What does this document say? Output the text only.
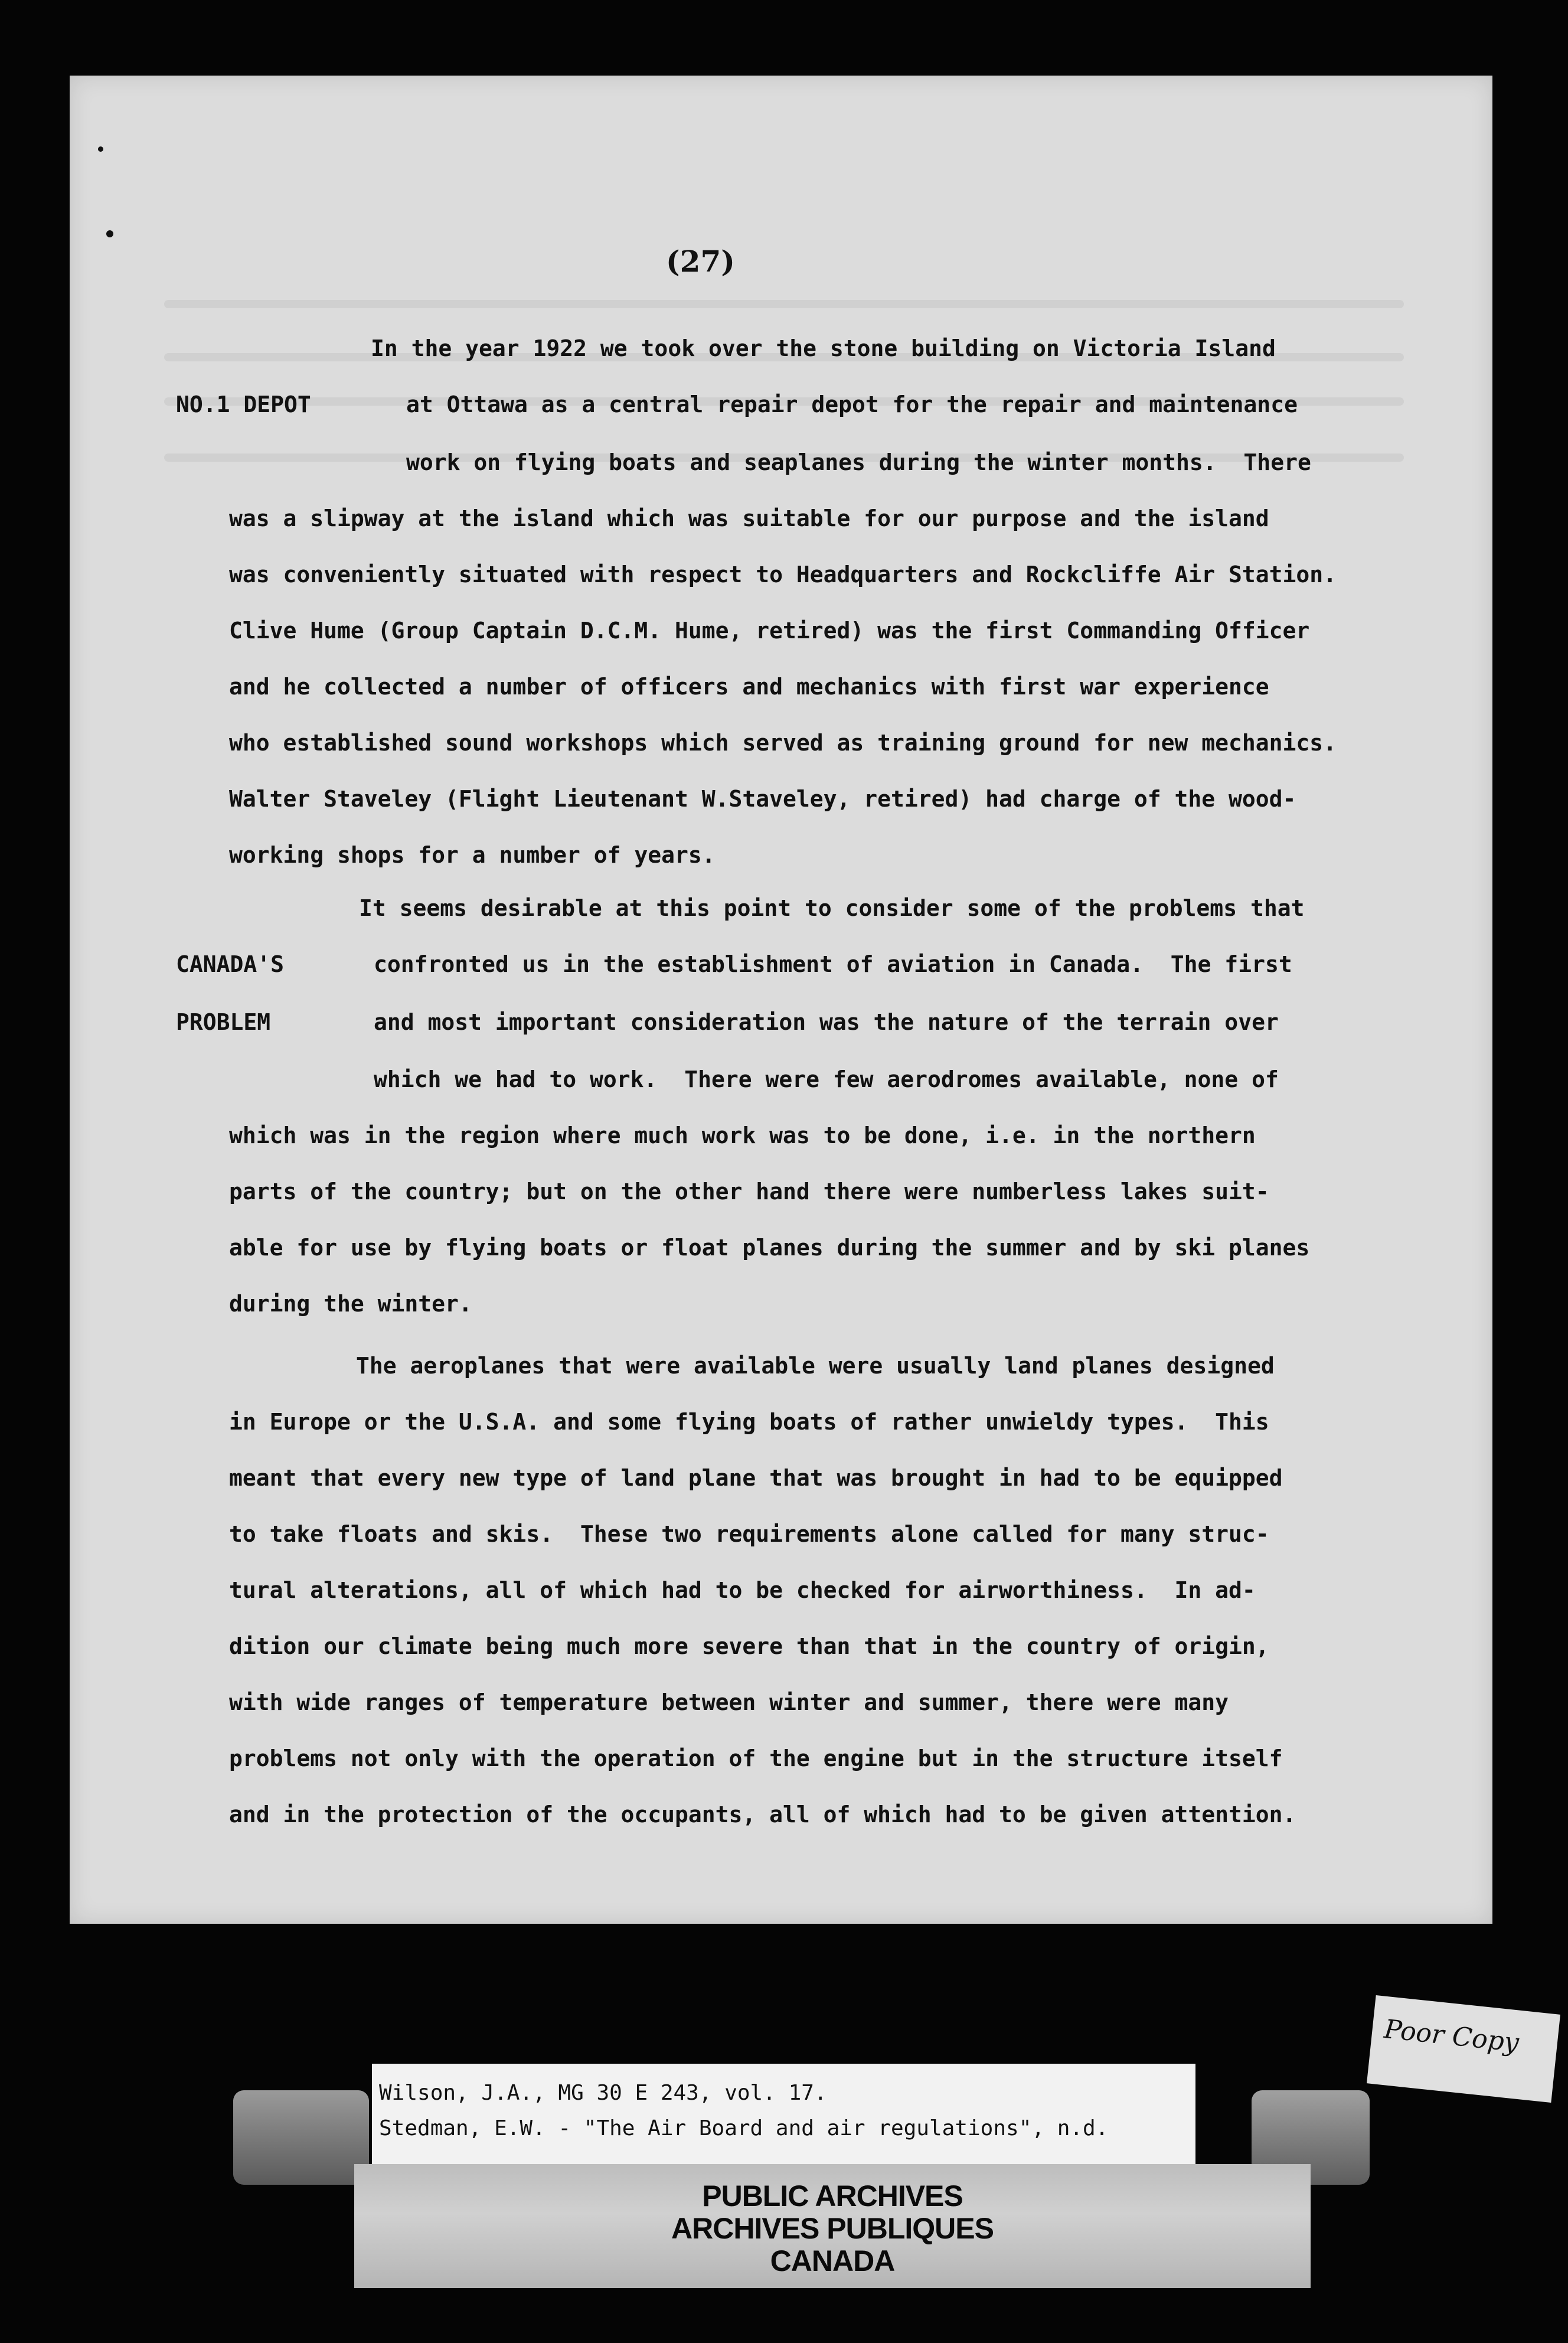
(27)
NO.1 DEPOT
CANADA'S
PROBLEM
In the year 1922 we took over the stone building on Victoria Island
at Ottawa as a central repair depot for the repair and maintenance
work on flying boats and seaplanes during the winter months.  There
was a slipway at the island which was suitable for our purpose and the island
was conveniently situated with respect to Headquarters and Rockcliffe Air Station.
Clive Hume (Group Captain D.C.M. Hume, retired) was the first Commanding Officer
and he collected a number of officers and mechanics with first war experience
who established sound workshops which served as training ground for new mechanics.
Walter Staveley (Flight Lieutenant W.Staveley, retired) had charge of the wood-
working shops for a number of years.
It seems desirable at this point to consider some of the problems that
confronted us in the establishment of aviation in Canada.  The first
and most important consideration was the nature of the terrain over
which we had to work.  There were few aerodromes available, none of
which was in the region where much work was to be done, i.e. in the northern
parts of the country; but on the other hand there were numberless lakes suit-
able for use by flying boats or float planes during the summer and by ski planes
during the winter.
The aeroplanes that were available were usually land planes designed
in Europe or the U.S.A. and some flying boats of rather unwieldy types.  This
meant that every new type of land plane that was brought in had to be equipped
to take floats and skis.  These two requirements alone called for many struc-
tural alterations, all of which had to be checked for airworthiness.  In ad-
dition our climate being much more severe than that in the country of origin,
with wide ranges of temperature between winter and summer, there were many
problems not only with the operation of the engine but in the structure itself
and in the protection of the occupants, all of which had to be given attention.
Wilson, J.A., MG 30 E 243, vol. 17.
Stedman, E.W. - "The Air Board and air regulations", n.d.
PUBLIC ARCHIVES
ARCHIVES PUBLIQUES
CANADA
Poor Copy
